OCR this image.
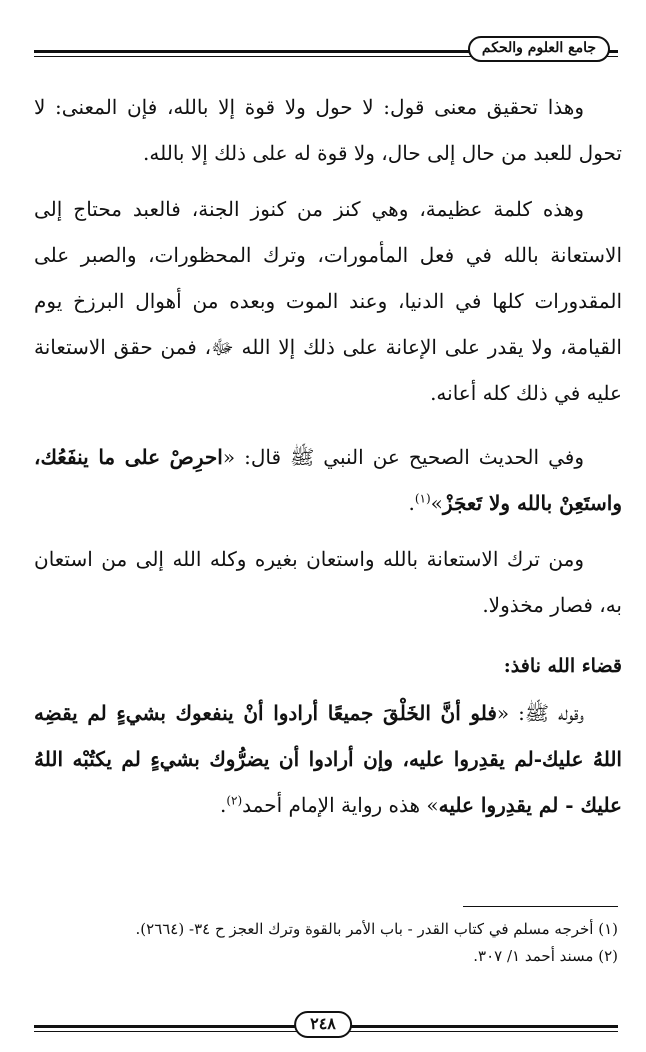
جامع العلوم والحكم

وهذا تحقيق معنى قول: لا حول ولا قوة إلا بالله، فإن المعنى: لا تحول للعبد من حال إلى حال، ولا قوة له على ذلك إلا بالله.

وهذه كلمة عظيمة، وهي كنز من كنوز الجنة، فالعبد محتاج إلى الاستعانة بالله في فعل المأمورات، وترك المحظورات، والصبر على المقدورات كلها في الدنيا، وعند الموت وبعده من أهوال البرزخ يوم القيامة، ولا يقدر على الإعانة على ذلك إلا الله ﷻ، فمن حقق الاستعانة عليه في ذلك كله أعانه.

وفي الحديث الصحيح عن النبي ﷺ قال: «احرِصْ على ما ينفَعُك، واستَعِنْ بالله ولا تَعجَزْ»$^{(١)}$.

ومن ترك الاستعانة بالله واستعان بغيره وكله الله إلى من استعان به، فصار مخذولا.

قضاء الله نافذ:

وقوله ﷺ: «فلو أنَّ الخَلْقَ جميعًا أرادوا أنْ ينفعوك بشيءٍ لم يقضِه اللهُ عليك-لم يقدِروا عليه، وإن أرادوا أن يضرُّوك بشيءٍ لم يكتُبْه اللهُ عليك - لم يقدِروا عليه» هذه رواية الإمام أحمد$^{(٢)}$.

(١) أخرجه مسلم في كتاب القدر - باب الأمر بالقوة وترك العجز ح ٣٤- (٢٦٦٤).
(٢) مسند أحمد ١/ ٣٠٧.
٢٤٨
